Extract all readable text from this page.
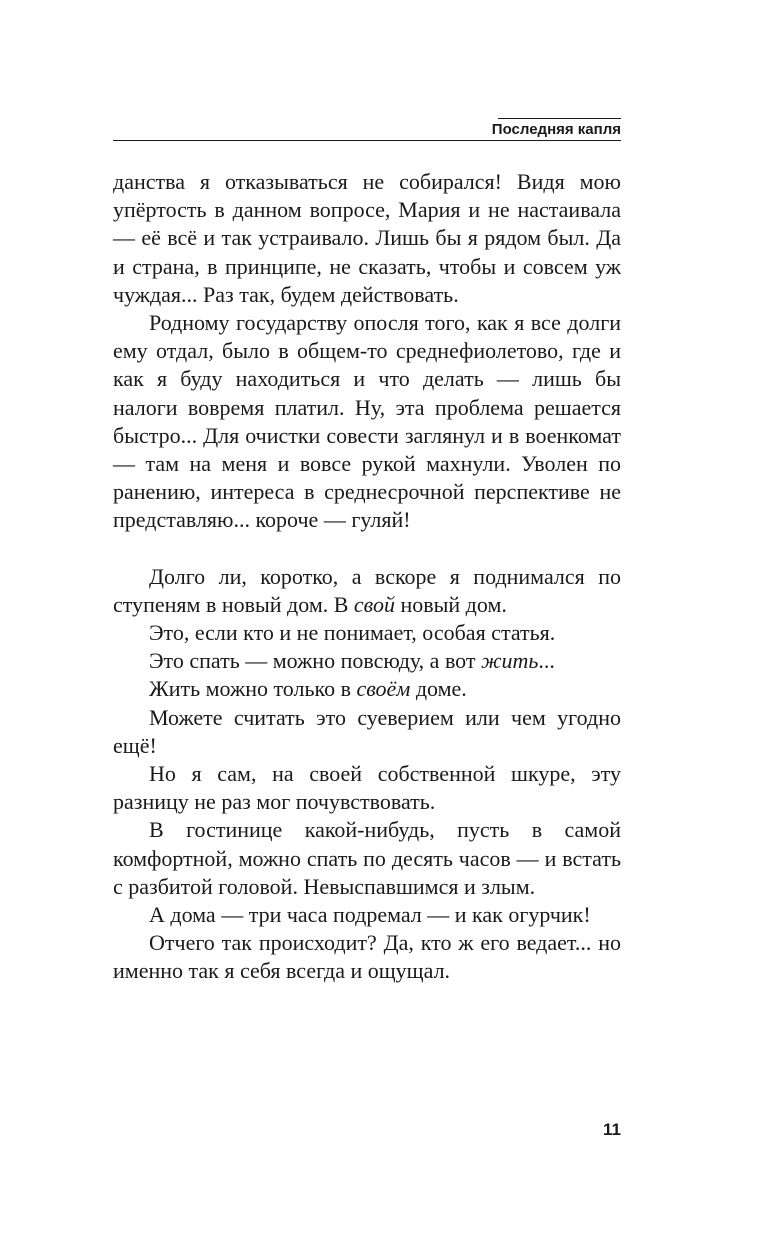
Последняя капля

данства я отказываться не собирался! Видя мою упёртость в данном вопросе, Мария и не настаивала — её всё и так устраивало. Лишь бы я рядом был. Да и страна, в принципе, не сказать, чтобы и совсем уж чуждая... Раз так, будем действовать.

Родному государству опосля того, как я все долги ему отдал, было в общем-то среднефиолетово, где и как я буду находиться и что делать — лишь бы налоги вовремя платил. Ну, эта проблема решается быстро... Для очистки совести заглянул и в военкомат — там на меня и вовсе рукой махнули. Уволен по ранению, интереса в среднесрочной перспективе не представляю... короче — гуляй!

Долго ли, коротко, а вскоре я поднимался по ступеням в новый дом. В свой новый дом.

Это, если кто и не понимает, особая статья.

Это спать — можно повсюду, а вот жить...

Жить можно только в своём доме.

Можете считать это суеверием или чем угодно ещё!

Но я сам, на своей собственной шкуре, эту разницу не раз мог почувствовать.

В гостинице какой-нибудь, пусть в самой комфортной, можно спать по десять часов — и встать с разбитой головой. Невыспавшимся и злым.

А дома — три часа подремал — и как огурчик!

Отчего так происходит? Да, кто ж его ведает... но именно так я себя всегда и ощущал.

11
